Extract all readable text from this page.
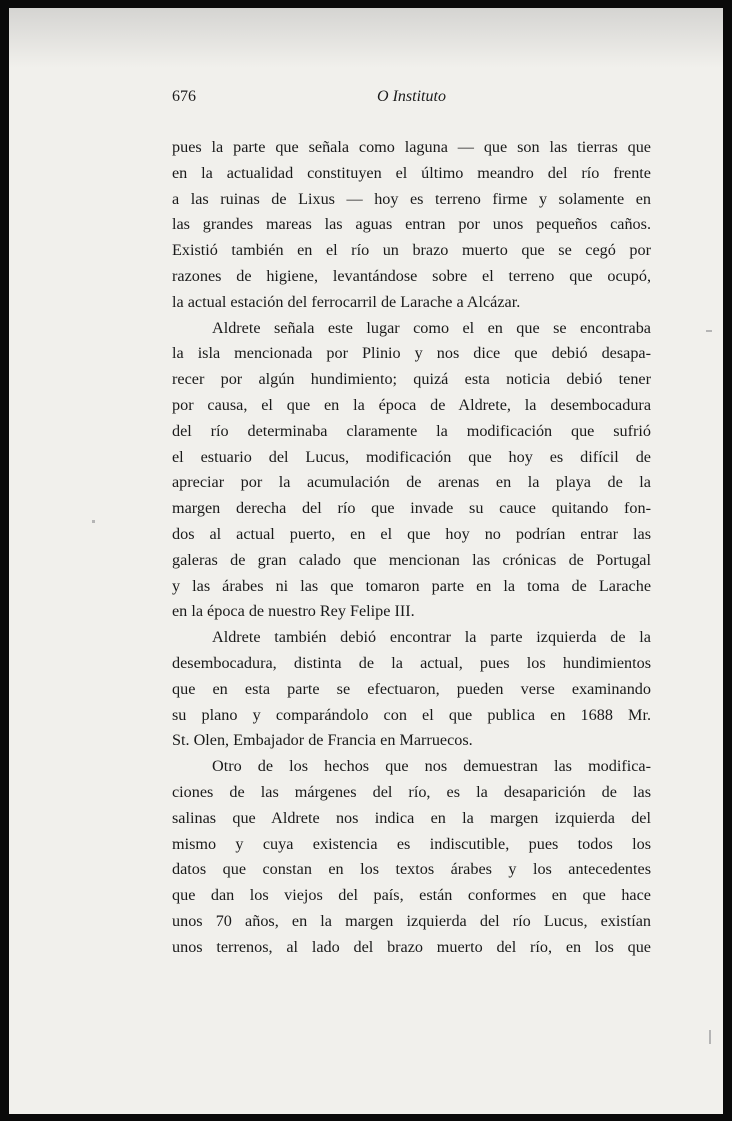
676	O Instituto
pues la parte que señala como laguna — que son las tierras que
en la actualidad constituyen el último meandro del río frente
a las ruinas de Lixus — hoy es terreno firme y solamente en
las grandes mareas las aguas entran por unos pequeños caños.
Existió también en el río un brazo muerto que se cegó por
razones de higiene, levantándose sobre el terreno que ocupó,
la actual estación del ferrocarril de Larache a Alcázar.
Aldrete señala este lugar como el en que se encontraba
la isla mencionada por Plinio y nos dice que debió desapa-
recer por algún hundimiento; quizá esta noticia debió tener
por causa, el que en la época de Aldrete, la desembocadura
del río determinaba claramente la modificación que sufrió
el estuario del Lucus, modificación que hoy es difícil de
apreciar por la acumulación de arenas en la playa de la
margen derecha del río que invade su cauce quitando fon-
dos al actual puerto, en el que hoy no podrían entrar las
galeras de gran calado que mencionan las crónicas de Portugal
y las árabes ni las que tomaron parte en la toma de Larache
en la época de nuestro Rey Felipe III.
Aldrete también debió encontrar la parte izquierda de la
desembocadura, distinta de la actual, pues los hundimientos
que en esta parte se efectuaron, pueden verse examinando
su plano y comparándolo con el que publica en 1688 Mr.
St. Olen, Embajador de Francia en Marruecos.
Otro de los hechos que nos demuestran las modifica-
ciones de las márgenes del río, es la desaparición de las
salinas que Aldrete nos indica en la margen izquierda del
mismo y cuya existencia es indiscutible, pues todos los
datos que constan en los textos árabes y los antecedentes
que dan los viejos del país, están conformes en que hace
unos 70 años, en la margen izquierda del río Lucus, existían
unos terrenos, al lado del brazo muerto del río, en los que
